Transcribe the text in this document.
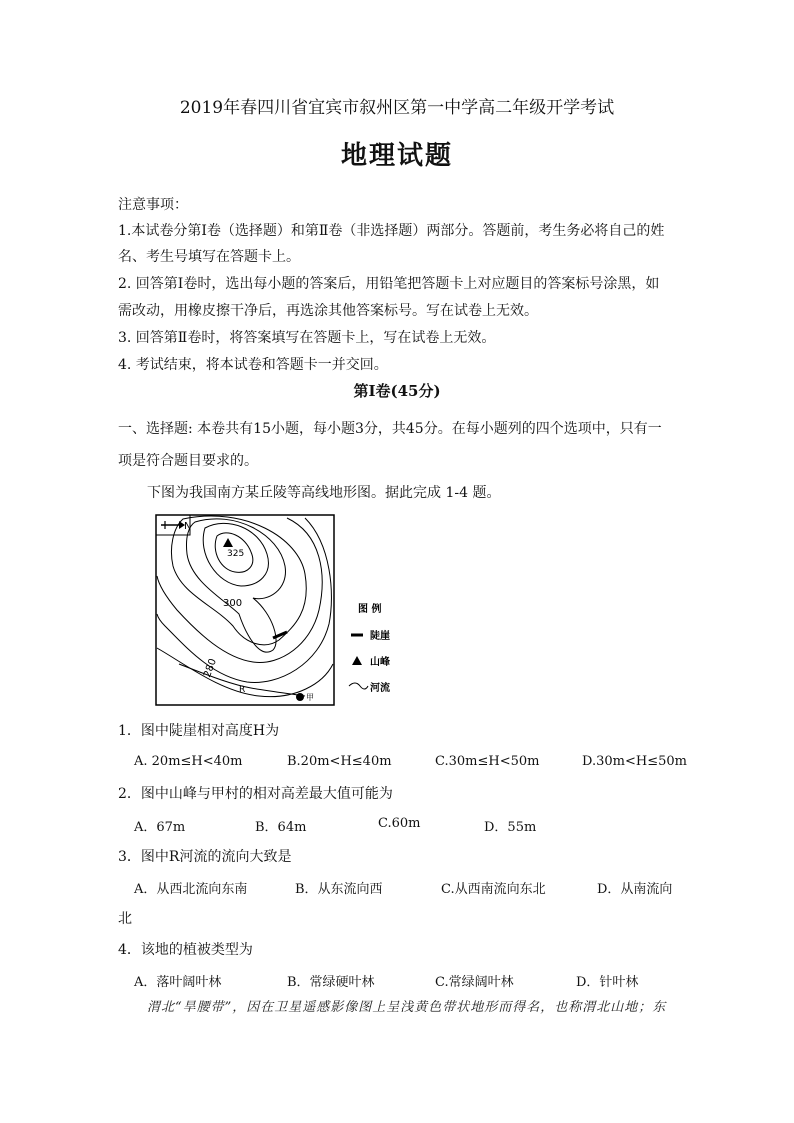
2019年春四川省宜宾市叙州区第一中学高二年级开学考试
地理试题
注意事项：
1.本试卷分第Ⅰ卷（选择题）和第Ⅱ卷（非选择题）两部分。答题前，考生务必将自己的姓
名、考生号填写在答题卡上。
2. 回答第Ⅰ卷时，选出每小题的答案后，用铅笔把答题卡上对应题目的答案标号涂黑，如
需改动，用橡皮擦干净后，再选涂其他答案标号。写在试卷上无效。
3. 回答第Ⅱ卷时，将答案填写在答题卡上，写在试卷上无效。
4. 考试结束，将本试卷和答题卡一并交回。
第Ⅰ卷(45分)
一、选择题: 本卷共有15小题，每小题3分，共45分。在每小题列的四个选项中，只有一
项是符合题目要求的。
下图为我国南方某丘陵等高线地形图。据此完成 1-4 题。
N
325
300
280
R
甲
图 例
陡崖
山峰
河流
1．图中陡崖相对高度H为
A. 20m≤H<40m	B.20m<H≤40m	C.30m≤H<50m	D.30m<H≤50m
2．图中山峰与甲村的相对高差最大值可能为
A．67m	B．64m	C.60m	D．55m
3．图中R河流的流向大致是
A．从西北流向东南	B．从东流向西	C.从西南流向东北	D．从南流向
北
4．该地的植被类型为
A．落叶阔叶林	B．常绿硬叶林	C.常绿阔叶林	D．针叶林
渭北“旱腰带”，因在卫星遥感影像图上呈浅黄色带状地形而得名，也称渭北山地；东
